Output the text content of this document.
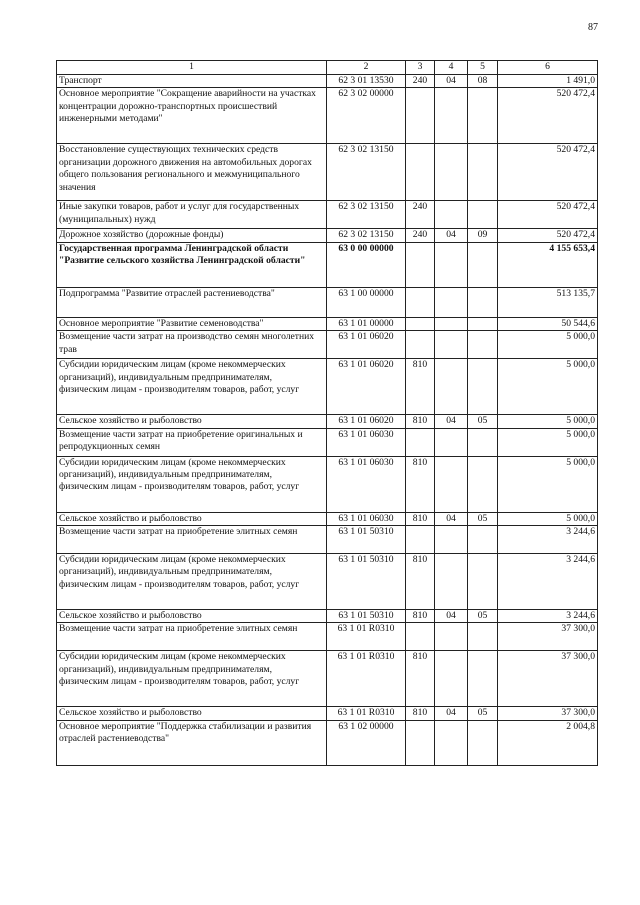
87
1	2	3	4	5	6
Транспорт	62 3 01 13530	240	04	08	1 491,0
Основное мероприятие "Сокращение аварийности на участках концентрации дорожно-транспортных происшествий инженерными методами"	62 3 02 00000				520 472,4
Восстановление существующих технических средств организации дорожного движения на автомобильных дорогах общего пользования регионального и межмуниципального значения	62 3 02 13150				520 472,4
Иные закупки товаров, работ и услуг для государственных (муниципальных) нужд	62 3 02 13150	240			520 472,4
Дорожное хозяйство (дорожные фонды)	62 3 02 13150	240	04	09	520 472,4
Государственная программа Ленинградской области "Развитие сельского хозяйства Ленинградской области"	63 0 00 00000				4 155 653,4
Подпрограмма "Развитие отраслей растениеводства"	63 1 00 00000				513 135,7
Основное мероприятие "Развитие семеноводства"	63 1 01 00000				50 544,6
Возмещение части затрат на производство семян многолетних трав	63 1 01 06020				5 000,0
Субсидии юридическим лицам (кроме некоммерческих организаций), индивидуальным предпринимателям, физическим лицам - производителям товаров, работ, услуг	63 1 01 06020	810			5 000,0
Сельское хозяйство и рыболовство	63 1 01 06020	810	04	05	5 000,0
Возмещение части затрат на приобретение оригинальных и репродукционных семян	63 1 01 06030				5 000,0
Субсидии юридическим лицам (кроме некоммерческих организаций), индивидуальным предпринимателям, физическим лицам - производителям товаров, работ, услуг	63 1 01 06030	810			5 000,0
Сельское хозяйство и рыболовство	63 1 01 06030	810	04	05	5 000,0
Возмещение части затрат на приобретение элитных семян	63 1 01 50310				3 244,6
Субсидии юридическим лицам (кроме некоммерческих организаций), индивидуальным предпринимателям, физическим лицам - производителям товаров, работ, услуг	63 1 01 50310	810			3 244,6
Сельское хозяйство и рыболовство	63 1 01 50310	810	04	05	3 244,6
Возмещение части затрат на приобретение элитных семян	63 1 01 R0310				37 300,0
Субсидии юридическим лицам (кроме некоммерческих организаций), индивидуальным предпринимателям, физическим лицам - производителям товаров, работ, услуг	63 1 01 R0310	810			37 300,0
Сельское хозяйство и рыболовство	63 1 01 R0310	810	04	05	37 300,0
Основное мероприятие "Поддержка стабилизации и развития отраслей растениеводства"	63 1 02 00000				2 004,8
